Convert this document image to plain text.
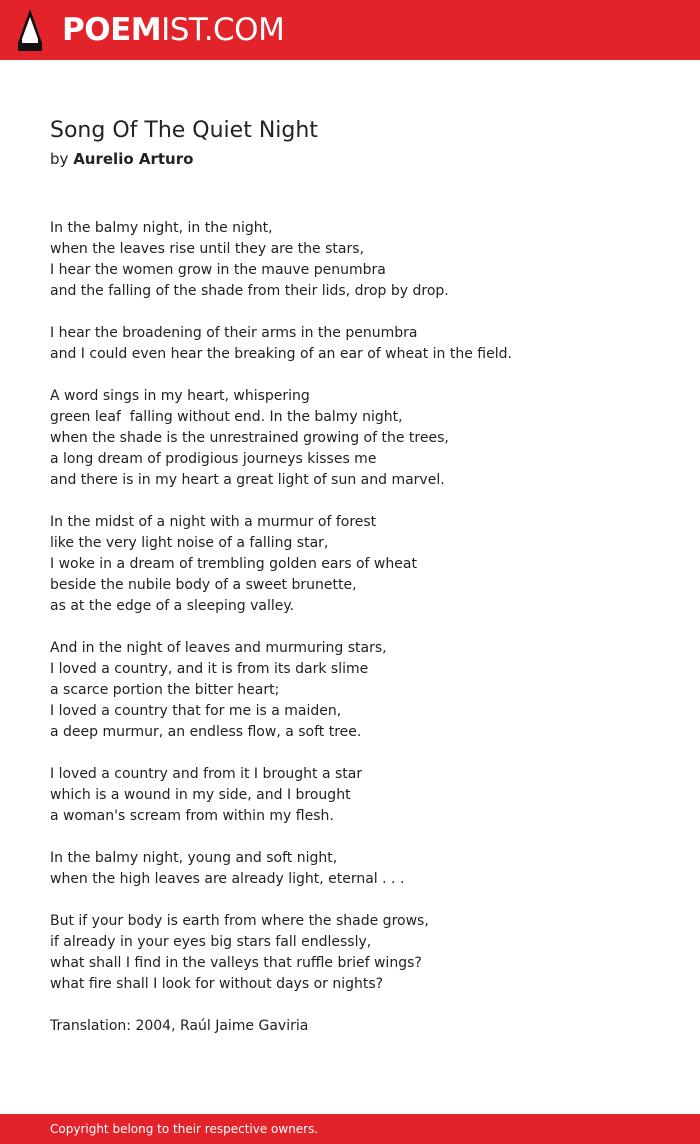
POEMIST.COM
Song Of The Quiet Night
by Aurelio Arturo
In the balmy night, in the night,
when the leaves rise until they are the stars,
I hear the women grow in the mauve penumbra
and the falling of the shade from their lids, drop by drop.
I hear the broadening of their arms in the penumbra
and I could even hear the breaking of an ear of wheat in the field.
A word sings in my heart, whispering
green leaf  falling without end. In the balmy night,
when the shade is the unrestrained growing of the trees,
a long dream of prodigious journeys kisses me
and there is in my heart a great light of sun and marvel.
In the midst of a night with a murmur of forest
like the very light noise of a falling star,
I woke in a dream of trembling golden ears of wheat
beside the nubile body of a sweet brunette,
as at the edge of a sleeping valley.
And in the night of leaves and murmuring stars,
I loved a country, and it is from its dark slime
a scarce portion the bitter heart;
I loved a country that for me is a maiden,
a deep murmur, an endless flow, a soft tree.
I loved a country and from it I brought a star
which is a wound in my side, and I brought
a woman's scream from within my flesh.
In the balmy night, young and soft night,
when the high leaves are already light, eternal . . .
But if your body is earth from where the shade grows,
if already in your eyes big stars fall endlessly,
what shall I find in the valleys that ruffle brief wings?
what fire shall I look for without days or nights?
Translation: 2004, Raúl Jaime Gaviria
Copyright belong to their respective owners.
